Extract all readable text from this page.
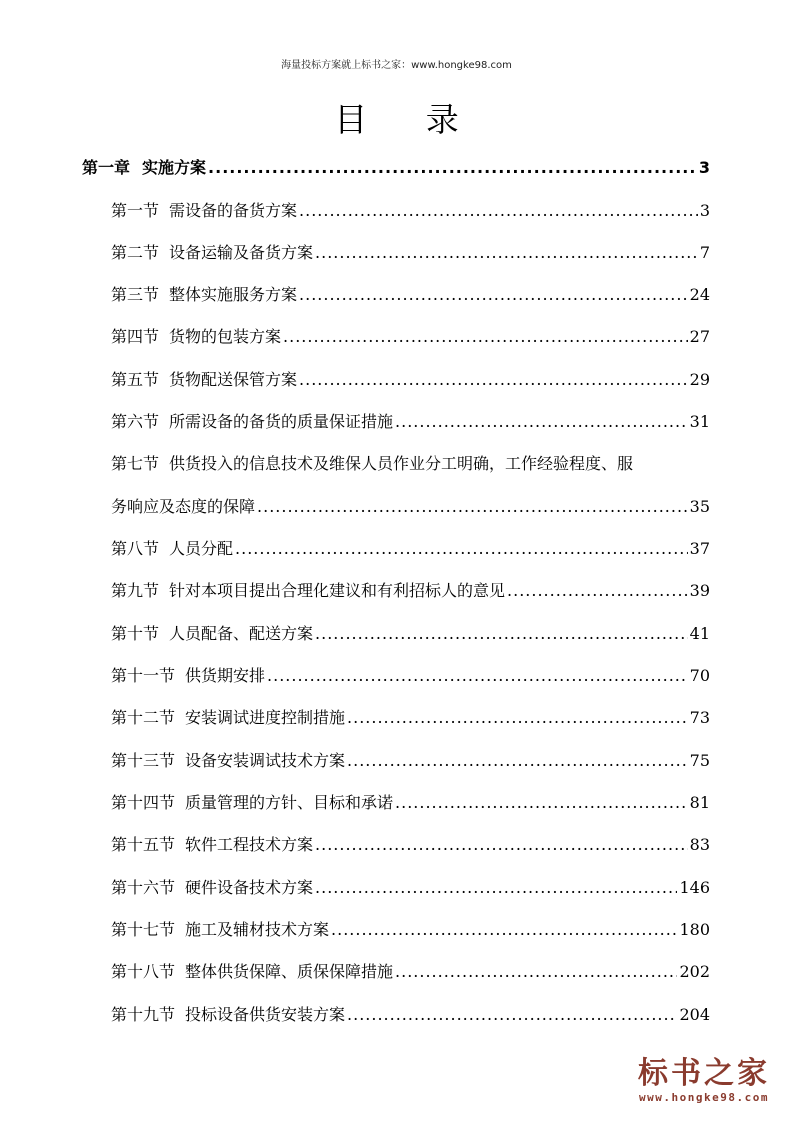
海量投标方案就上标书之家：www.hongke98.com
目 录
第一章 实施方案 .....	3
第一节 需设备的备货方案 .....	3
第二节 设备运输及备货方案 .....	7
第三节 整体实施服务方案 .....	24
第四节 货物的包装方案 .....	27
第五节 货物配送保管方案 .....	29
第六节 所需设备的备货的质量保证措施 .....	31
第七节 供货投入的信息技术及维保人员作业分工明确，工作经验程度、服
务响应及态度的保障 .....	35
第八节 人员分配 .....	37
第九节 针对本项目提出合理化建议和有利招标人的意见 .....	39
第十节 人员配备、配送方案 .....	41
第十一节 供货期安排 .....	70
第十二节 安装调试进度控制措施 .....	73
第十三节 设备安装调试技术方案 .....	75
第十四节 质量管理的方针、目标和承诺 .....	81
第十五节 软件工程技术方案 .....	83
第十六节 硬件设备技术方案 .....	146
第十七节 施工及辅材技术方案 .....	180
第十八节 整体供货保障、质保保障措施 .....	202
第十九节 投标设备供货安装方案 .....	204
标书之家
www.hongke98.com
